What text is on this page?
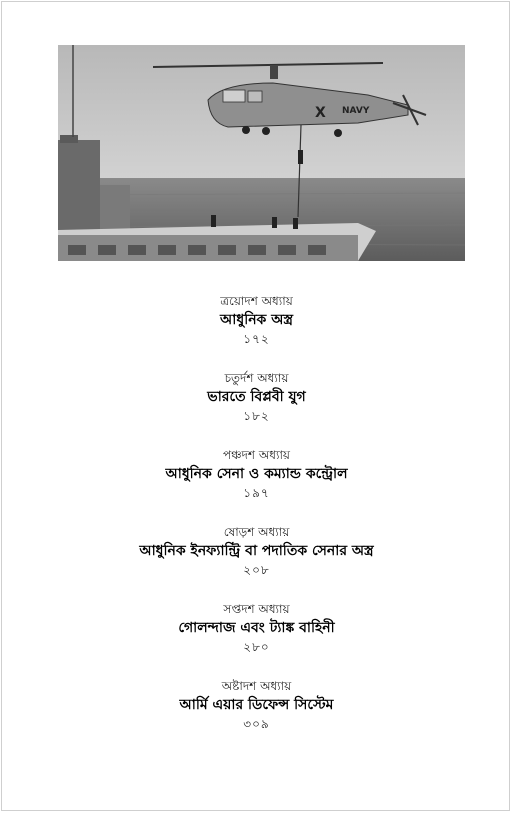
X NAVY
ত্রয়োদশ অধ্যায়
আধুনিক অস্ত্র
১৭২
চতুর্দশ অধ্যায়
ভারতে বিপ্লবী যুগ
১৮২
পঞ্চদশ অধ্যায়
আধুনিক সেনা ও কম্যান্ড কন্ট্রোল
১৯৭
ষোড়শ অধ্যায়
আধুনিক ইনফ্যান্ট্রি বা পদাতিক সেনার অস্ত্র
২০৮
সপ্তদশ অধ্যায়
গোলন্দাজ এবং ট্যাঙ্ক বাহিনী
২৮০
অষ্টাদশ অধ্যায়
আর্মি এয়ার ডিফেন্স সিস্টেম
৩০৯
